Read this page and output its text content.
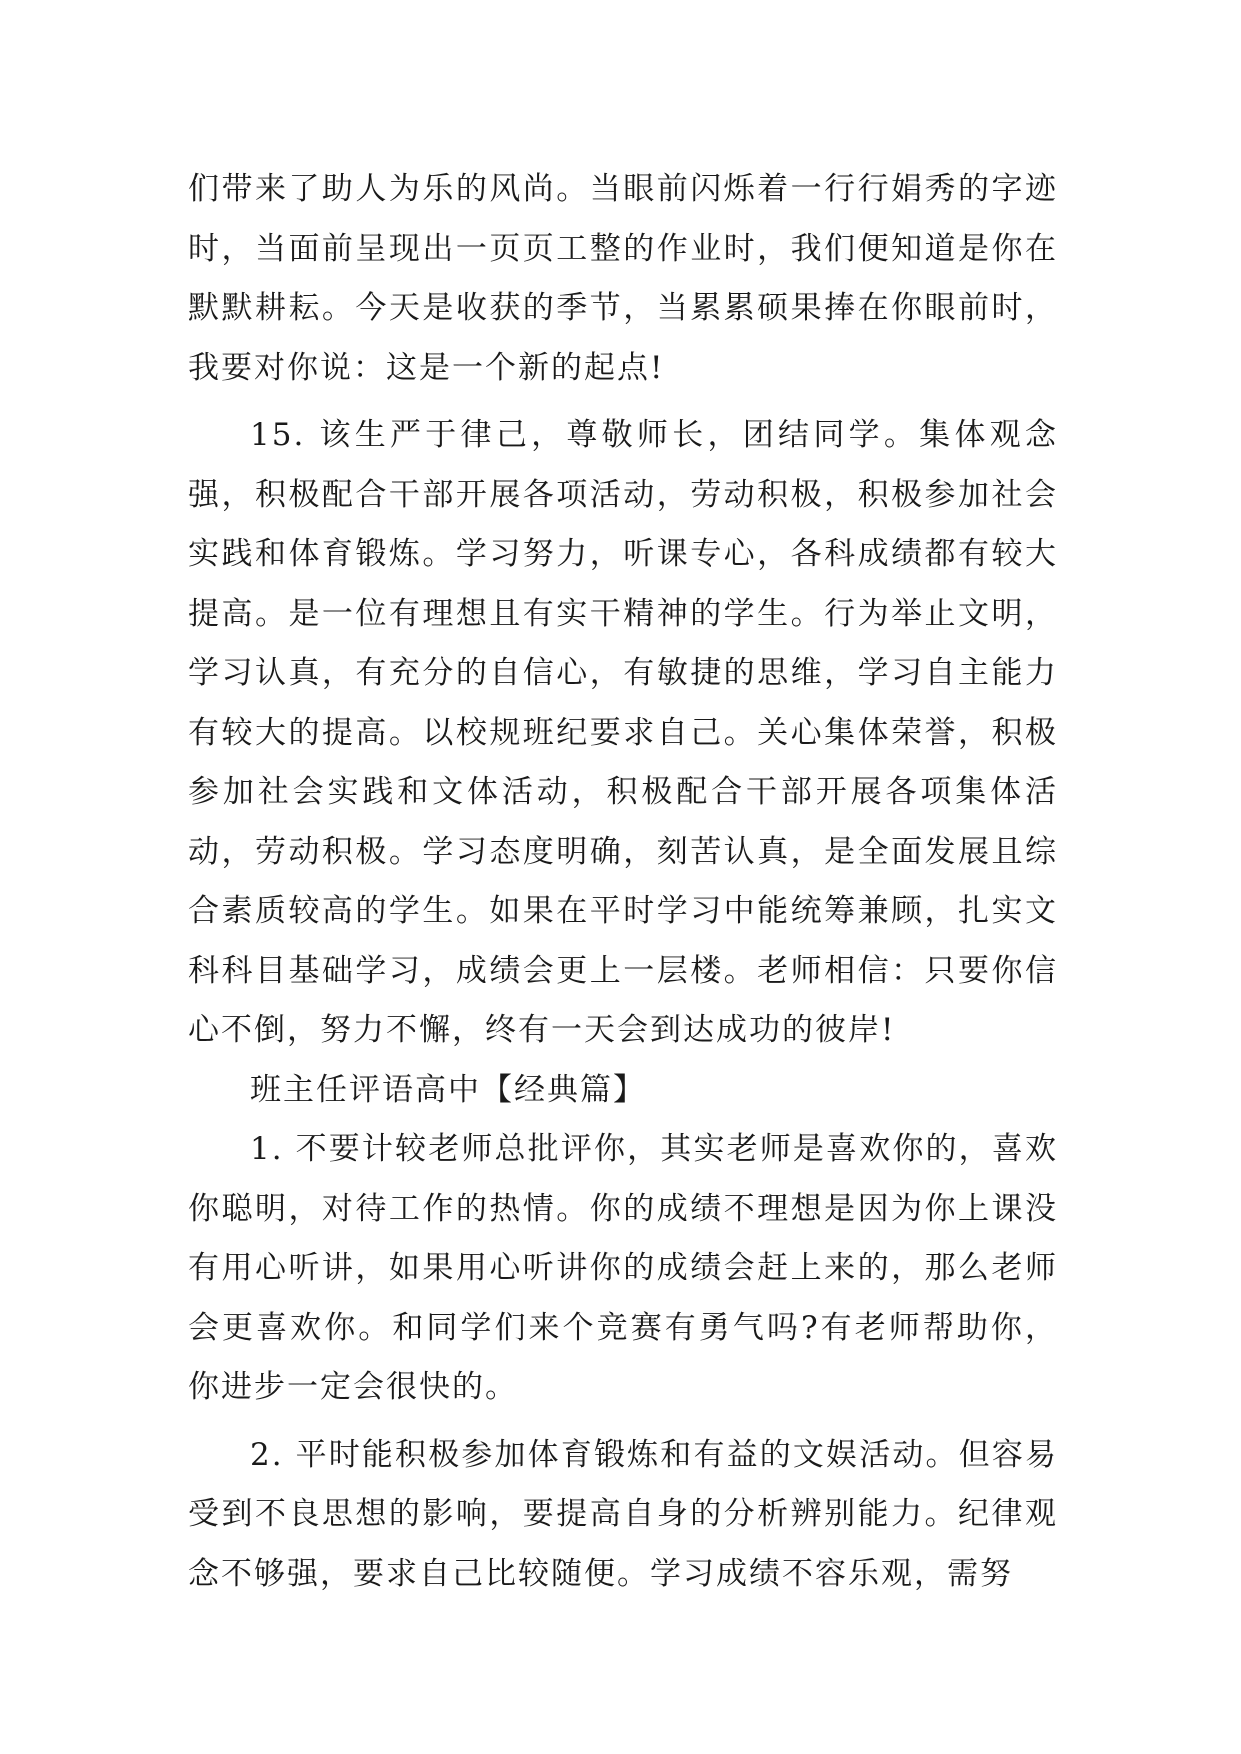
们带来了助人为乐的风尚。当眼前闪烁着一行行娟秀的字迹时，当面前呈现出一页页工整的作业时，我们便知道是你在默默耕耘。今天是收获的季节，当累累硕果捧在你眼前时，我要对你说：这是一个新的起点!

15. 该生严于律己，尊敬师长，团结同学。集体观念强，积极配合干部开展各项活动，劳动积极，积极参加社会实践和体育锻炼。学习努力，听课专心，各科成绩都有较大提高。是一位有理想且有实干精神的学生。行为举止文明，学习认真，有充分的自信心，有敏捷的思维，学习自主能力有较大的提高。以校规班纪要求自己。关心集体荣誉，积极参加社会实践和文体活动，积极配合干部开展各项集体活动，劳动积极。学习态度明确，刻苦认真，是全面发展且综合素质较高的学生。如果在平时学习中能统筹兼顾，扎实文科科目基础学习，成绩会更上一层楼。老师相信：只要你信心不倒，努力不懈，终有一天会到达成功的彼岸!

班主任评语高中【经典篇】

1. 不要计较老师总批评你，其实老师是喜欢你的，喜欢你聪明，对待工作的热情。你的成绩不理想是因为你上课没有用心听讲，如果用心听讲你的成绩会赶上来的，那么老师会更喜欢你。和同学们来个竞赛有勇气吗?有老师帮助你，你进步一定会很快的。

2. 平时能积极参加体育锻炼和有益的文娱活动。但容易受到不良思想的影响，要提高自身的分析辨别能力。纪律观念不够强，要求自己比较随便。学习成绩不容乐观，需努
